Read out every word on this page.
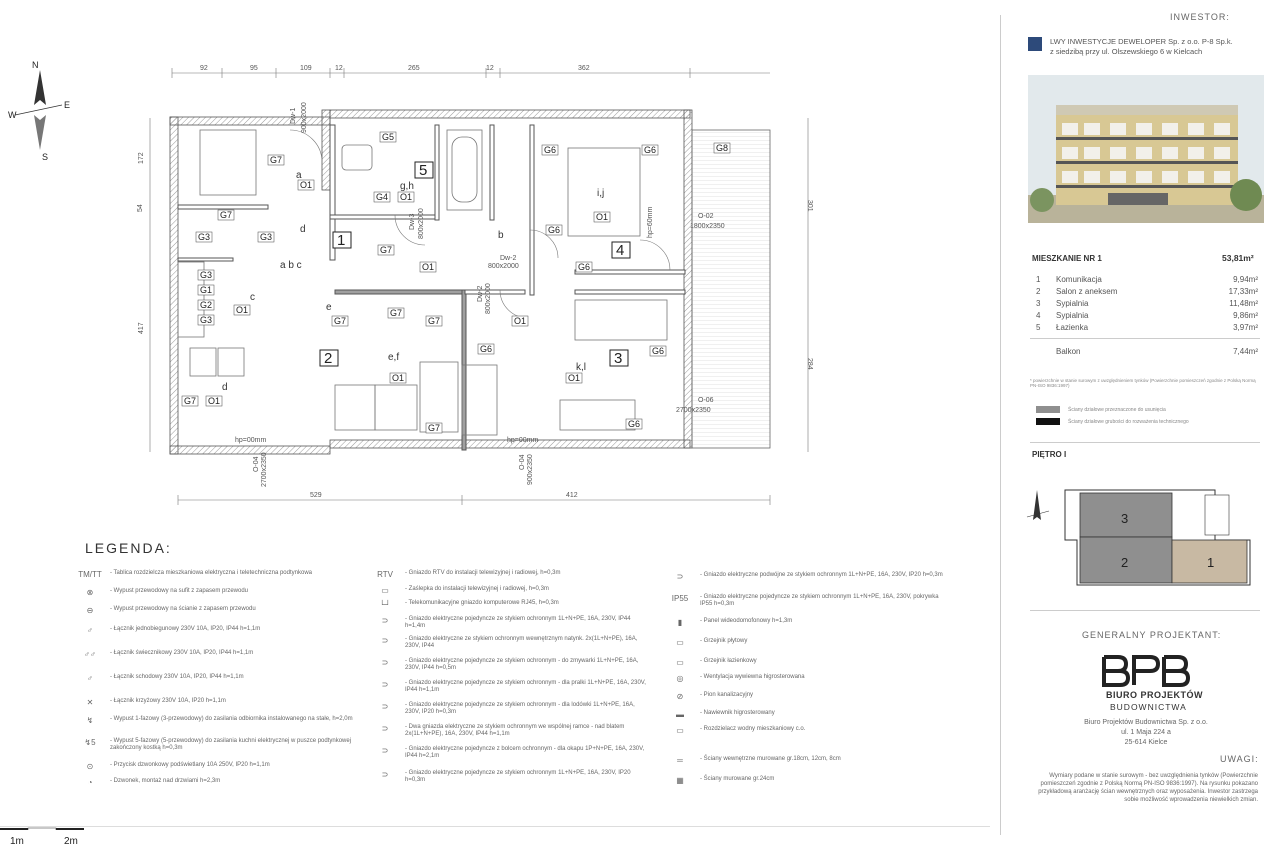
N
S
E
W
92	95	109	12	265	12	362
529	412
172
54
417
301
284
1
2	3
4
5
Dw-1 900x2000
Dw-3 800x2000
Dw-2
800x2000
Dw-2 800x2000
O-02
1800x2350
O-06
2700x2350
O-04 2700x2350	O-04 900x2350
hp=60mm
hp=00mm	hp=00mm
G7
O1
G7
G3	G3
G5
G4 O1
G7
O1
G6	G6	G8
O1
G6
G6
G3
G1
G2
G3
O1
G7
G7
G7	O1
G6	G6
O1	O1
G7 O1
G7	G6
a
g,h
a b c
d
c
e
e,f
i,j
k,l
d
b
1m	2m
LEGENDA:
TM/TT	- Tablica rozdzielcza mieszkaniowa elektryczna i teletechniczna podtynkowa
⊗	- Wypust przewodowy na sufit z zapasem przewodu
⊖	- Wypust przewodowy na ścianie z zapasem przewodu
♂	- Łącznik jednobiegunowy 230V 10A, IP20, IP44 h=1,1m
♂♂	- Łącznik świecznikowy 230V 10A, IP20, IP44 h=1,1m
♂	- Łącznik schodowy 230V 10A, IP20, IP44 h=1,1m
✕	- Łącznik krzyżowy 230V 10A, IP20 h=1,1m
↯	- Wypust 1-fazowy (3-przewodowy) do zasilania odbiornika instalowanego na stałe, h=2,0m
↯5	- Wypust 5-fazowy (5-przewodowy) do zasilania kuchni elektrycznej w puszce podtynkowej zakończony kostką h=0,3m
⊙	- Przycisk dzwonkowy podświetlany 10A 250V, IP20 h=1,1m
◔	- Dzwonek, montaż nad drzwiami h=2,3m
RTV	- Gniazdo RTV do instalacji telewizyjnej i radiowej, h=0,3m
▭	- Zaślepka do instalacji telewizyjnej i radiowej, h=0,3m
└┘	- Telekomunikacyjne gniazdo komputerowe RJ45, h=0,3m
⊃	- Gniazdo elektryczne pojedyncze ze stykiem ochronnym 1L+N+PE, 16A, 230V, IP44 h=1,4m
⊃	- Gniazdo elektryczne ze stykiem ochronnym wewnętrznym natynk. 2x(1L+N+PE), 16A, 230V, IP44
⊃	- Gniazdo elektryczne pojedyncze ze stykiem ochronnym - do zmywarki 1L+N+PE, 16A, 230V, IP44 h=0,5m
⊃	- Gniazdo elektryczne pojedyncze ze stykiem ochronnym - dla pralki 1L+N+PE, 16A, 230V, IP44 h=1,1m
⊃	- Gniazdo elektryczne pojedyncze ze stykiem ochronnym - dla lodówki 1L+N+PE, 16A, 230V, IP20 h=0,3m
⊃	- Dwa gniazda elektryczne ze stykiem ochronnym we wspólnej ramce - nad blatem 2x(1L+N+PE), 16A, 230V, IP44 h=1,1m
⊃	- Gniazdo elektryczne pojedyncze z bolcem ochronnym - dla okapu 1P+N+PE, 16A, 230V, IP44 h=2,1m
⊃	- Gniazdo elektryczne pojedyncze ze stykiem ochronnym 1L+N+PE, 16A, 230V, IP20 h=0,3m
⊃	- Gniazdo elektryczne podwójne ze stykiem ochronnym 1L+N+PE, 16A, 230V, IP20 h=0,3m
IP55	- Gniazdo elektryczne pojedyncze ze stykiem ochronnym 1L+N+PE, 16A, 230V, pokrywka IP55 h=0,3m
▮	- Panel wideodomofonowy h=1,3m
▭	- Grzejnik płytowy
▭	- Grzejnik łazienkowy
◎	- Wentylacja wywiewna higrosterowana
⊘	- Pion kanalizacyjny
▬	- Nawiewnik higrosterowany
▭	- Rozdzielacz wodny mieszkaniowy c.o.
═	- Ściany wewnętrzne murowane gr.18cm, 12cm, 8cm
▦	- Ściany murowane gr.24cm
INWESTOR:
LWY INWESTYCJE DEWELOPER Sp. z o.o. P-8 Sp.k.
z siedzibą przy ul. Olszewskiego 6 w Kielcach
MIESZKANIE NR 1	53,81m²
1 Komunikacja	9,94m²
2 Salon z aneksem	17,33m²
3 Sypialnia	11,48m²
4 Sypialnia	9,86m²
5 Łazienka	3,97m²
Balkon	7,44m²
* powierzchnie w stanie surowym z uwzględnieniem tynków (Powierzchnie pomieszczeń zgodnie z Polską Normą PN-ISO 9836:1997)
Ściany działowe przeznaczone do usunięcia
Ściany działowe grubości do rozważenia technicznego
PIĘTRO I
3
2	1
GENERALNY PROJEKTANT:
BIURO PROJEKTÓW
BUDOWNICTWA
Biuro Projektów Budownictwa Sp. z o.o.
ul. 1 Maja 224 a
25-614 Kielce
UWAGI:
Wymiary podane w stanie surowym - bez uwzględnienia tynków (Powierzchnie pomieszczeń zgodnie z Polską Normą PN-ISO 9836:1997). Na rysunku pokazano przykładową aranżację ścian wewnętrznych oraz wyposażenia. Inwestor zastrzega sobie możliwość wprowadzenia niewielkich zmian.
